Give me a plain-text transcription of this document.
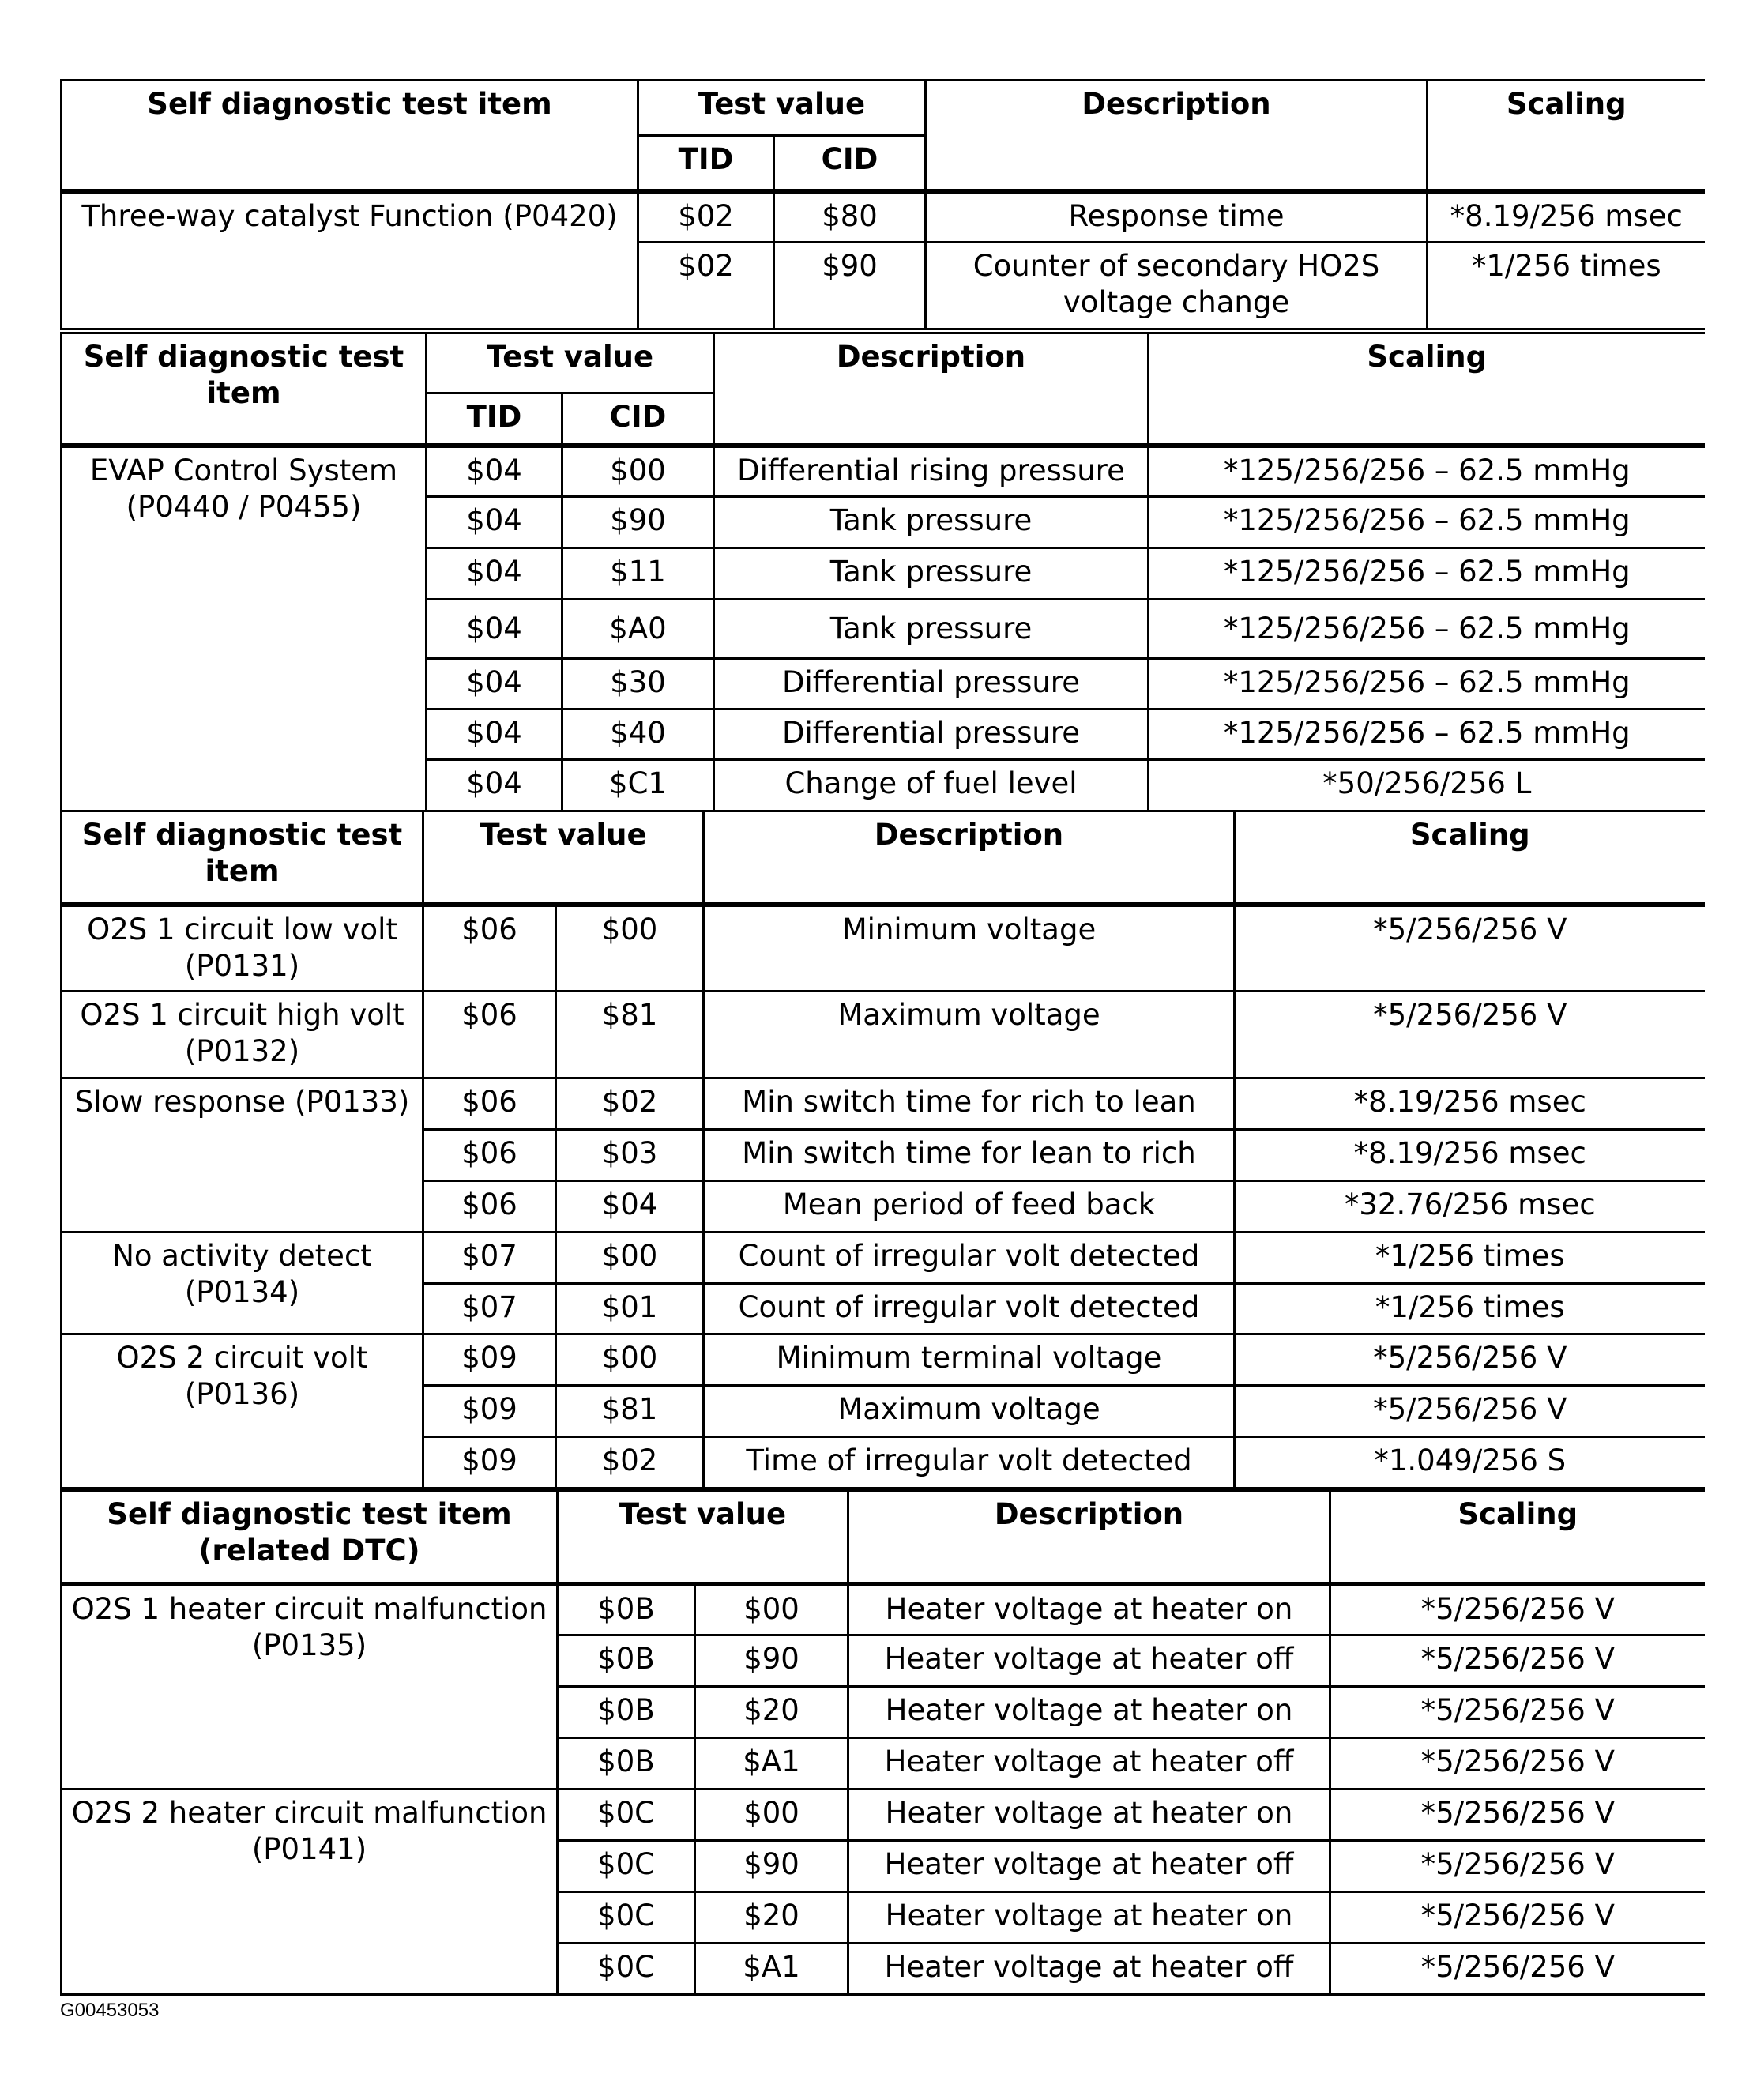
Self diagnostic test item	Test value		Description	Scaling
	TID	CID		
Three-way catalyst Function (P0420)	$02	$80	Response time	*8.19/256 msec
	$02	$90	Counter of secondary HO2S voltage change	*1/256 times
Self diagnostic test item	Test value		Description	Scaling
	TID	CID		
EVAP Control System (P0440 / P0455)	$04	$00	Differential rising pressure	*125/256/256 – 62.5 mmHg
	$04	$90	Tank pressure	*125/256/256 – 62.5 mmHg
	$04	$11	Tank pressure	*125/256/256 – 62.5 mmHg
	$04	$A0	Tank pressure	*125/256/256 – 62.5 mmHg
	$04	$30	Differential pressure	*125/256/256 – 62.5 mmHg
	$04	$40	Differential pressure	*125/256/256 – 62.5 mmHg
	$04	$C1	Change of fuel level	*50/256/256 L
Self diagnostic test item	Test value		Description	Scaling
O2S 1 circuit low volt (P0131)	$06	$00	Minimum voltage	*5/256/256 V
O2S 1 circuit high volt (P0132)	$06	$81	Maximum voltage	*5/256/256 V
Slow response (P0133)	$06	$02	Min switch time for rich to lean	*8.19/256 msec
	$06	$03	Min switch time for lean to rich	*8.19/256 msec
	$06	$04	Mean period of feed back	*32.76/256 msec
No activity detect (P0134)	$07	$00	Count of irregular volt detected	*1/256 times
	$07	$01	Count of irregular volt detected	*1/256 times
O2S 2 circuit volt (P0136)	$09	$00	Minimum terminal voltage	*5/256/256 V
	$09	$81	Maximum voltage	*5/256/256 V
	$09	$02	Time of irregular volt detected	*1.049/256 S
Self diagnostic test item (related DTC)	Test value		Description	Scaling
O2S 1 heater circuit malfunction (P0135)	$0B	$00	Heater voltage at heater on	*5/256/256 V
	$0B	$90	Heater voltage at heater off	*5/256/256 V
	$0B	$20	Heater voltage at heater on	*5/256/256 V
	$0B	$A1	Heater voltage at heater off	*5/256/256 V
O2S 2 heater circuit malfunction (P0141)	$0C	$00	Heater voltage at heater on	*5/256/256 V
	$0C	$90	Heater voltage at heater off	*5/256/256 V
	$0C	$20	Heater voltage at heater on	*5/256/256 V
	$0C	$A1	Heater voltage at heater off	*5/256/256 V
G00453053
